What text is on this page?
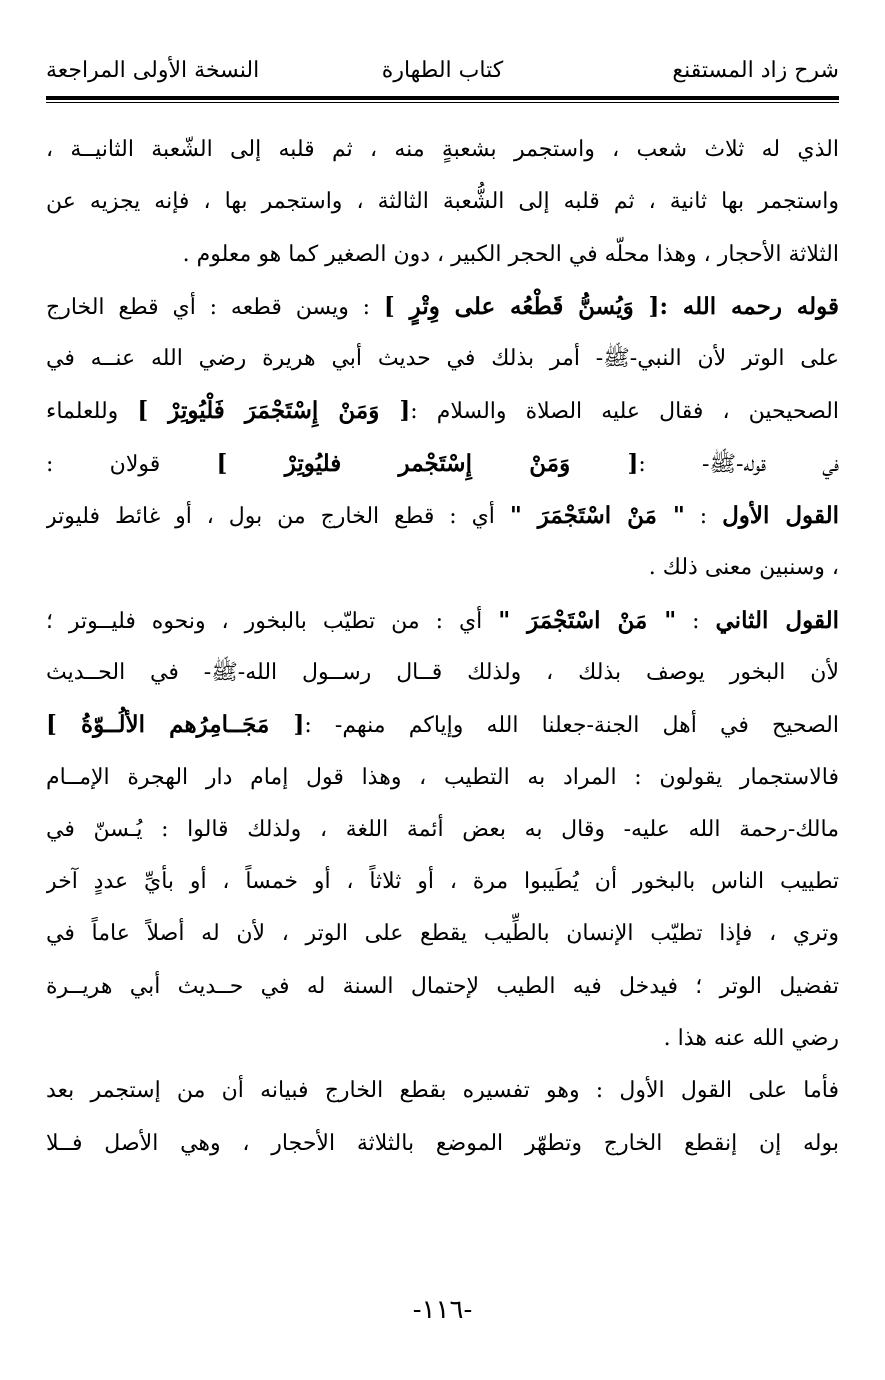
شرح زاد المستقنع
كتاب الطهارة
النسخة الأولى المراجعة
الذي له ثلاث شعب ، واستجمر بشعبةٍ منه ، ثم قلبه إلى الشّعبة الثانيــة ،
واستجمر بها ثانية ، ثم قلبه إلى الشُّعبة الثالثة ، واستجمر بها ، فإنه يجزيه عن
الثلاثة الأحجار ، وهذا محلّه في الحجر الكبير ، دون الصغير كما هو معلوم .
قوله رحمه الله :[ وَيُسنُّ قَطْعُه على وِتْرٍ ] : ويسن قطعه : أي قطع الخارج
على الوتر لأن النبي-ﷺ- أمر بذلك في حديث أبي هريرة رضي الله عنــه في
الصحيحين ، فقال عليه الصلاة والسلام :[ وَمَنْ إِسْتَجْمَرَ فَلْيُوتِرْ ] وللعلماء
في قوله-ﷺ- :[ وَمَنْ إِسْتَجْمر فليُوتِرْ ] قولان :
القول الأول : " مَنْ اسْتَجْمَرَ " أي : قطع الخارج من بول ، أو غائط فليوتر
، وسنبين معنى ذلك .
القول الثاني : " مَنْ اسْتَجْمَرَ " أي : من تطيّب بالبخور ، ونحوه فليــوتر ؛
لأن البخور يوصف بذلك ، ولذلك قــال رســول الله-ﷺ- في الحــديث
الصحيح في أهل الجنة-جعلنا الله وإياكم منهم- :[ مَجَــامِرُهم الألُــوّةُ ]
فالاستجمار يقولون : المراد به التطيب ، وهذا قول إمام دار الهجرة الإمــام
مالك-رحمة الله عليه- وقال به بعض أئمة اللغة ، ولذلك قالوا : يُـسنّ في
تطييب الناس بالبخور أن يُطَيبوا مرة ، أو ثلاثاً ، أو خمساً ، أو بأيِّ عددٍ آخر
وتري ، فإذا تطيّب الإنسان بالطِّيب يقطع على الوتر ، لأن له أصلاً عاماً في
تفضيل الوتر ؛ فيدخل فيه الطيب لإحتمال السنة له في حــديث أبي هريــرة
رضي الله عنه هذا .
فأما على القول الأول : وهو تفسيره بقطع الخارج فبيانه أن من إستجمر بعد
بوله إن إنقطع الخارج وتطهّر الموضع بالثلاثة الأحجار ، وهي الأصل فــلا
-١١٦-
